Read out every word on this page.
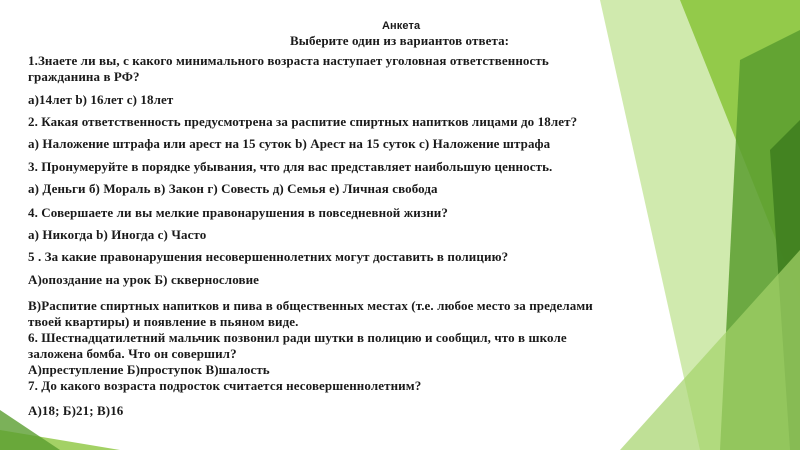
Анкета
Выберите один из вариантов ответа:
1.Знаете ли вы, с какого минимального возраста наступает уголовная ответственность
гражданина в РФ?
а)14лет b) 16лет c) 18лет
2. Какая ответственность предусмотрена за распитие спиртных напитков лицами до 18лет?
а) Наложение штрафа или арест на 15 суток b) Арест на 15 суток c) Наложение штрафа
3. Пронумеруйте в порядке убывания, что для вас представляет наибольшую ценность.
а) Деньги б) Мораль в) Закон г) Совесть д) Семья е) Личная свобода
4. Совершаете ли вы мелкие правонарушения в повседневной жизни?
а) Никогда b) Иногда c) Часто
5 . За какие правонарушения несовершеннолетних могут доставить в полицию?
А)опоздание на урок Б) сквернословие
В)Распитие спиртных напитков и пива в общественных местах (т.е. любое место за пределами
твоей квартиры) и появление в пьяном виде.
6. Шестнадцатилетний мальчик позвонил ради шутки в полицию и сообщил, что в школе
заложена бомба. Что он совершил?
А)преступление Б)проступок В)шалость
7. До какого возраста подросток считается несовершеннолетним?
А)18; Б)21; В)16
